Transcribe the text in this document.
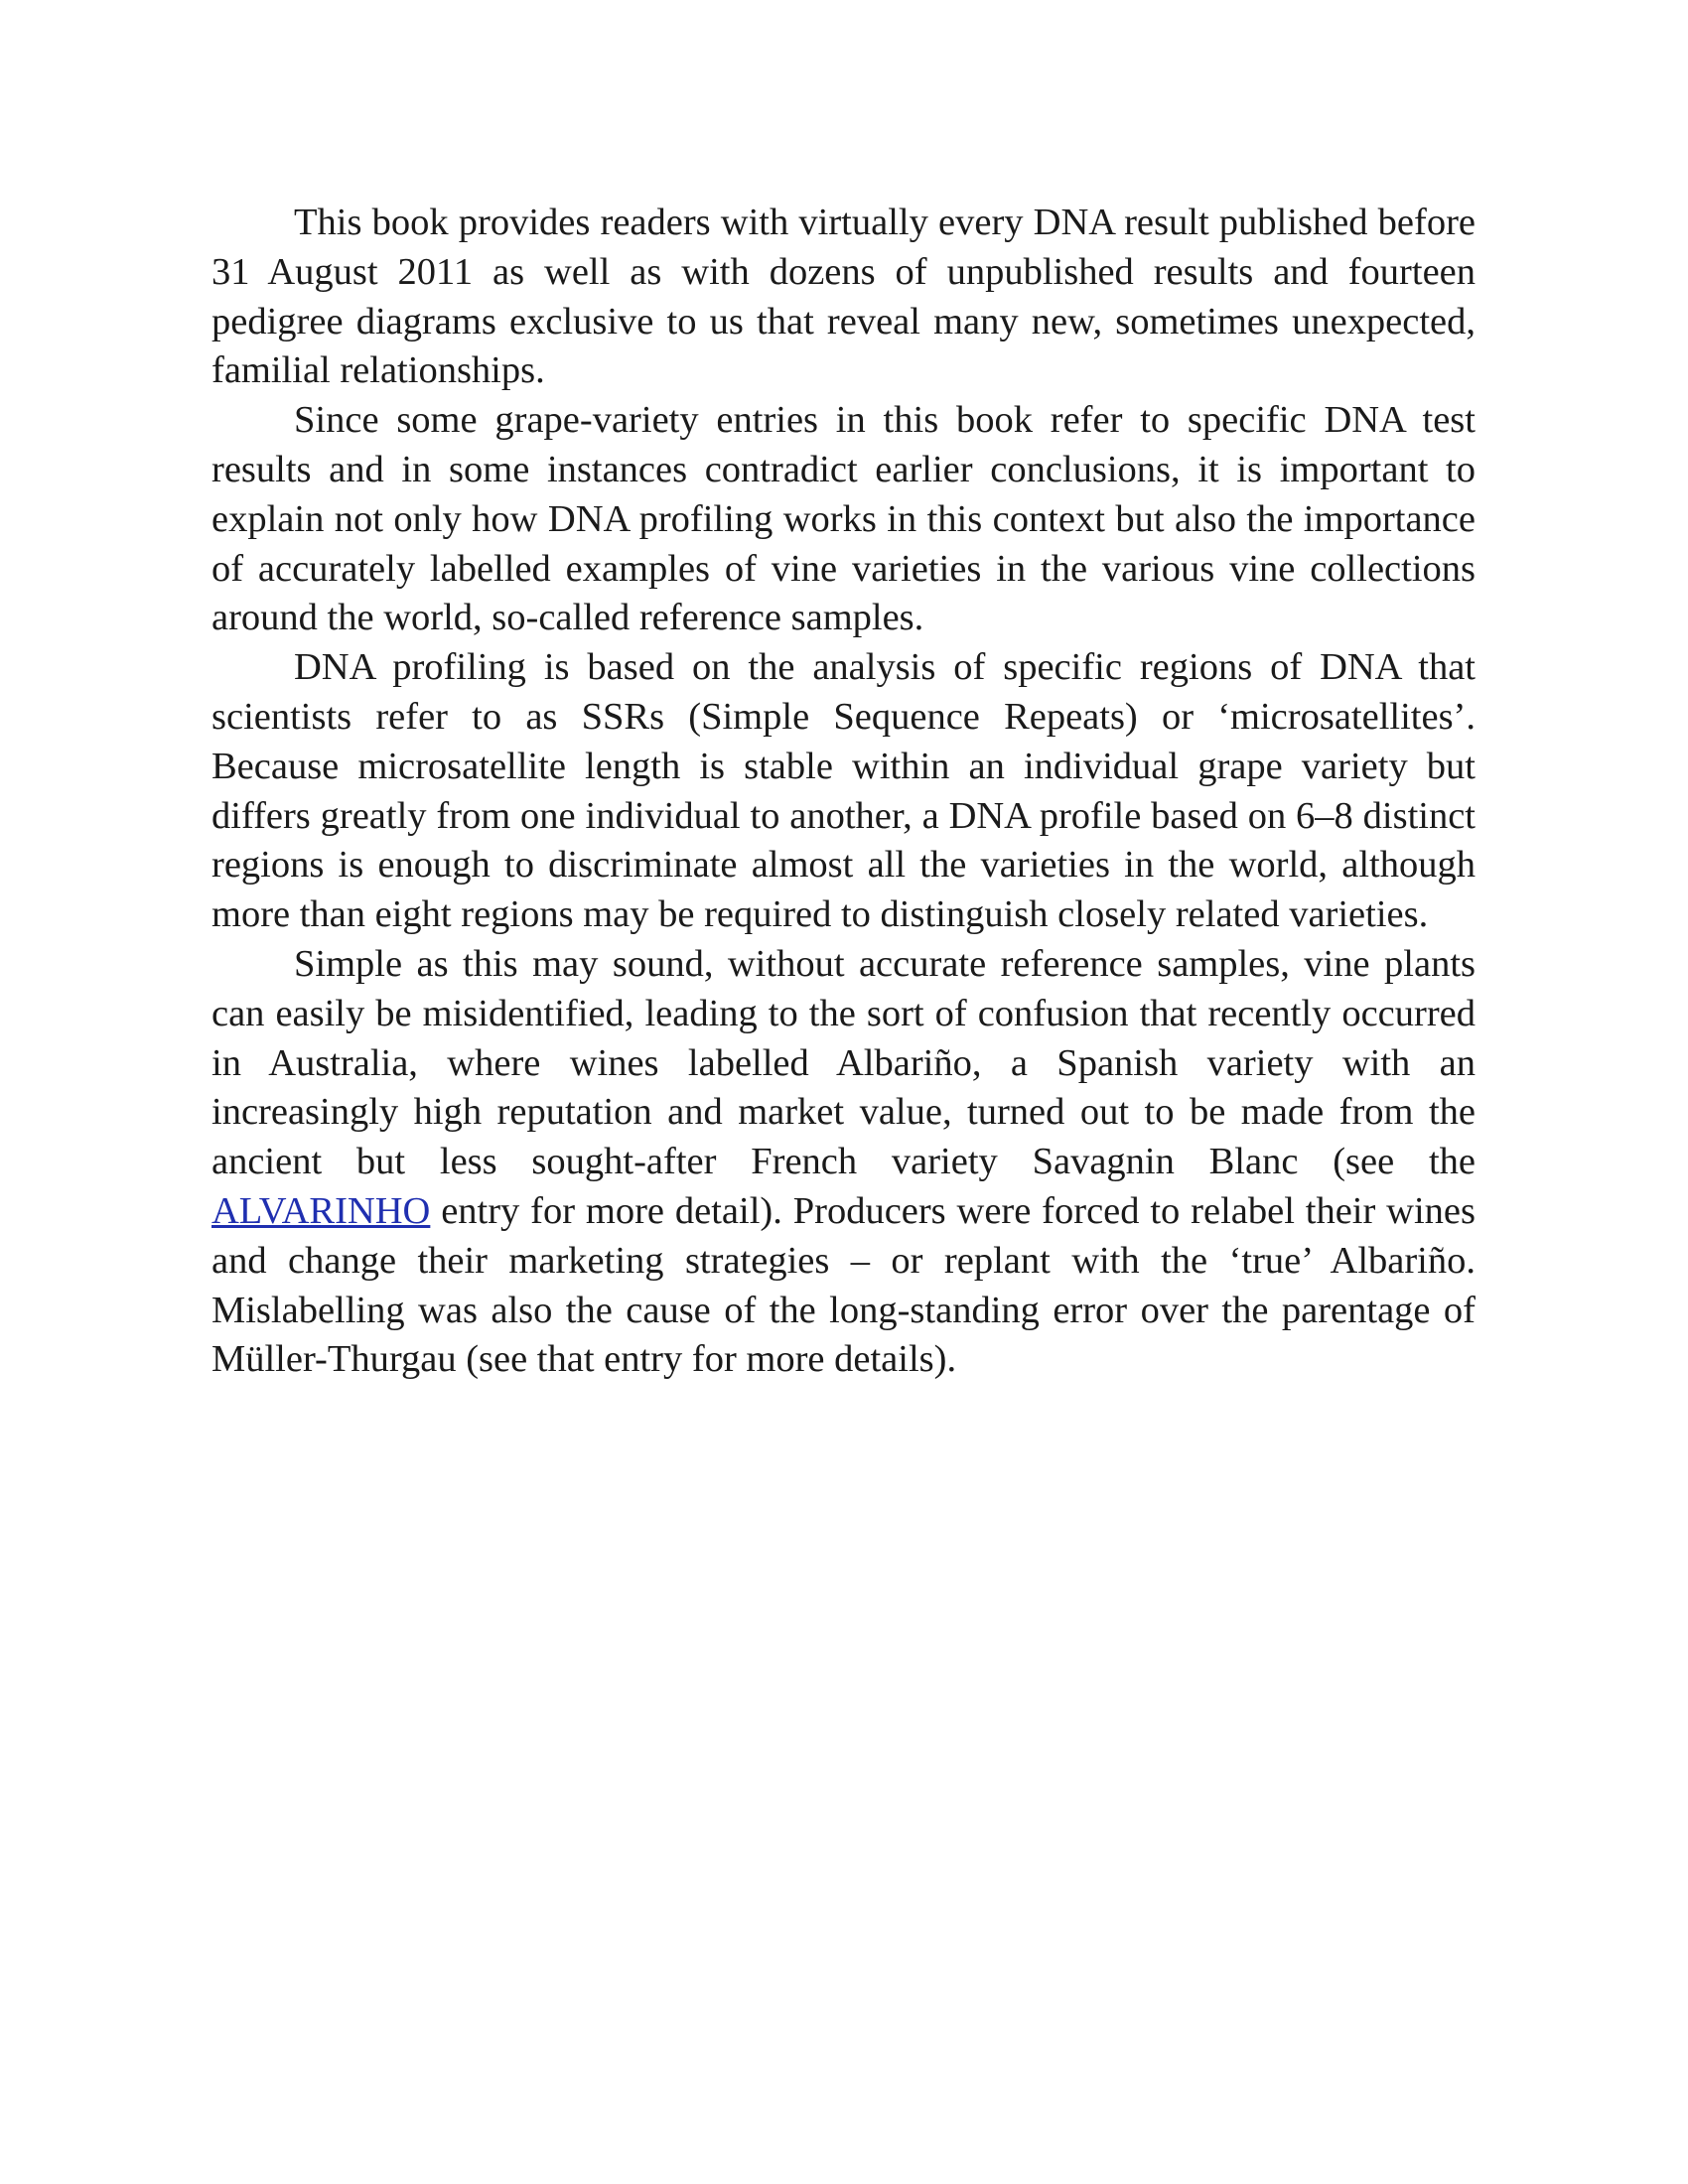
This book provides readers with virtually every DNA result published before 31 August 2011 as well as with dozens of unpublished results and fourteen pedigree diagrams exclusive to us that reveal many new, sometimes unexpected, familial relationships.

Since some grape-variety entries in this book refer to specific DNA test results and in some instances contradict earlier conclusions, it is important to explain not only how DNA profiling works in this context but also the importance of accurately labelled examples of vine varieties in the various vine collections around the world, so-called reference samples.

DNA profiling is based on the analysis of specific regions of DNA that scientists refer to as SSRs (Simple Sequence Repeats) or ‘microsatellites’. Because microsatellite length is stable within an individual grape variety but differs greatly from one individual to another, a DNA profile based on 6–8 distinct regions is enough to discriminate almost all the varieties in the world, although more than eight regions may be required to distinguish closely related varieties.

Simple as this may sound, without accurate reference samples, vine plants can easily be misidentified, leading to the sort of confusion that recently occurred in Australia, where wines labelled Albariño, a Spanish variety with an increasingly high reputation and market value, turned out to be made from the ancient but less sought-after French variety Savagnin Blanc (see the ALVARINHO entry for more detail). Producers were forced to relabel their wines and change their marketing strategies – or replant with the ‘true’ Albariño. Mislabelling was also the cause of the long-standing error over the parentage of Müller-Thurgau (see that entry for more details).
